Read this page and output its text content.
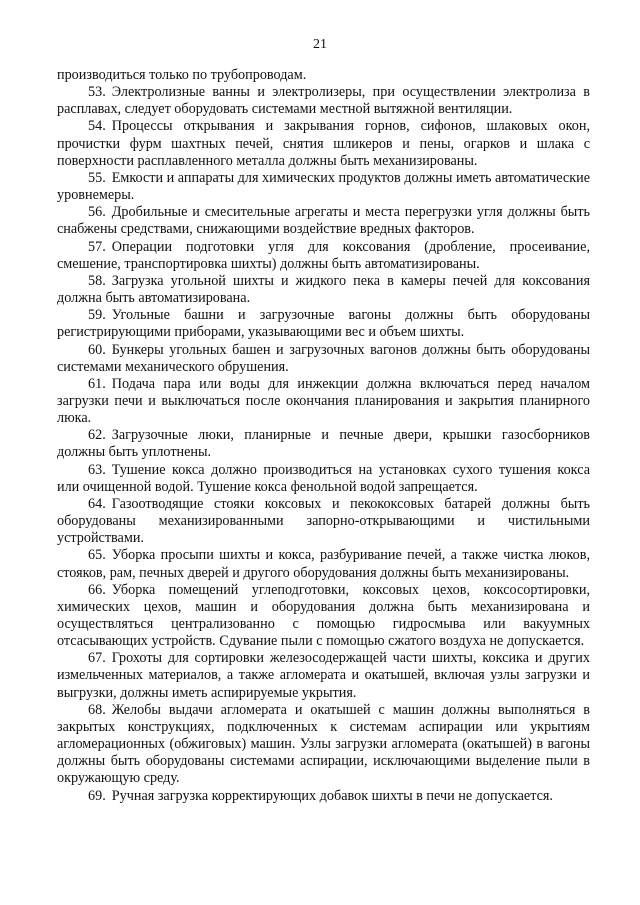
21

производиться только по трубопроводам.

53. Электролизные ванны и электролизеры, при осуществлении электролиза в расплавах, следует оборудовать системами местной вытяжной вентиляции.

54. Процессы открывания и закрывания горнов, сифонов, шлаковых окон, прочистки фурм шахтных печей, снятия шликеров и пены, огарков и шлака с поверхности расплавленного металла должны быть механизированы.

55. Емкости и аппараты для химических продуктов должны иметь автоматические уровнемеры.

56. Дробильные и смесительные агрегаты и места перегрузки угля должны быть снабжены средствами, снижающими воздействие вредных факторов.

57. Операции подготовки угля для коксования (дробление, просеивание, смешение, транспортировка шихты) должны быть автоматизированы.

58. Загрузка угольной шихты и жидкого пека в камеры печей для коксования должна быть автоматизирована.

59. Угольные башни и загрузочные вагоны должны быть оборудованы регистрирующими приборами, указывающими вес и объем шихты.

60. Бункеры угольных башен и загрузочных вагонов должны быть оборудованы системами механического обрушения.

61. Подача пара или воды для инжекции должна включаться перед началом загрузки печи и выключаться после окончания планирования и закрытия планирного люка.

62. Загрузочные люки, планирные и печные двери, крышки газосборников должны быть уплотнены.

63. Тушение кокса должно производиться на установках сухого тушения кокса или очищенной водой. Тушение кокса фенольной водой запрещается.

64. Газоотводящие стояки коксовых и пекококсовых батарей должны быть оборудованы механизированными запорно-открывающими и чистильными устройствами.

65. Уборка просыпи шихты и кокса, разбуривание печей, а также чистка люков, стояков, рам, печных дверей и другого оборудования должны быть механизированы.

66. Уборка помещений углеподготовки, коксовых цехов, коксосортировки, химических цехов, машин и оборудования должна быть механизирована и осуществляться централизованно с помощью гидросмыва или вакуумных отсасывающих устройств. Сдувание пыли с помощью сжатого воздуха не допускается.

67. Грохоты для сортировки железосодержащей части шихты, коксика и других измельченных материалов, а также агломерата и окатышей, включая узлы загрузки и выгрузки, должны иметь аспирируемые укрытия.

68. Желобы выдачи агломерата и окатышей с машин должны выполняться в закрытых конструкциях, подключенных к системам аспирации или укрытиям агломерационных (обжиговых) машин. Узлы загрузки агломерата (окатышей) в вагоны должны быть оборудованы системами аспирации, исключающими выделение пыли в окружающую среду.

69. Ручная загрузка корректирующих добавок шихты в печи не допускается.
